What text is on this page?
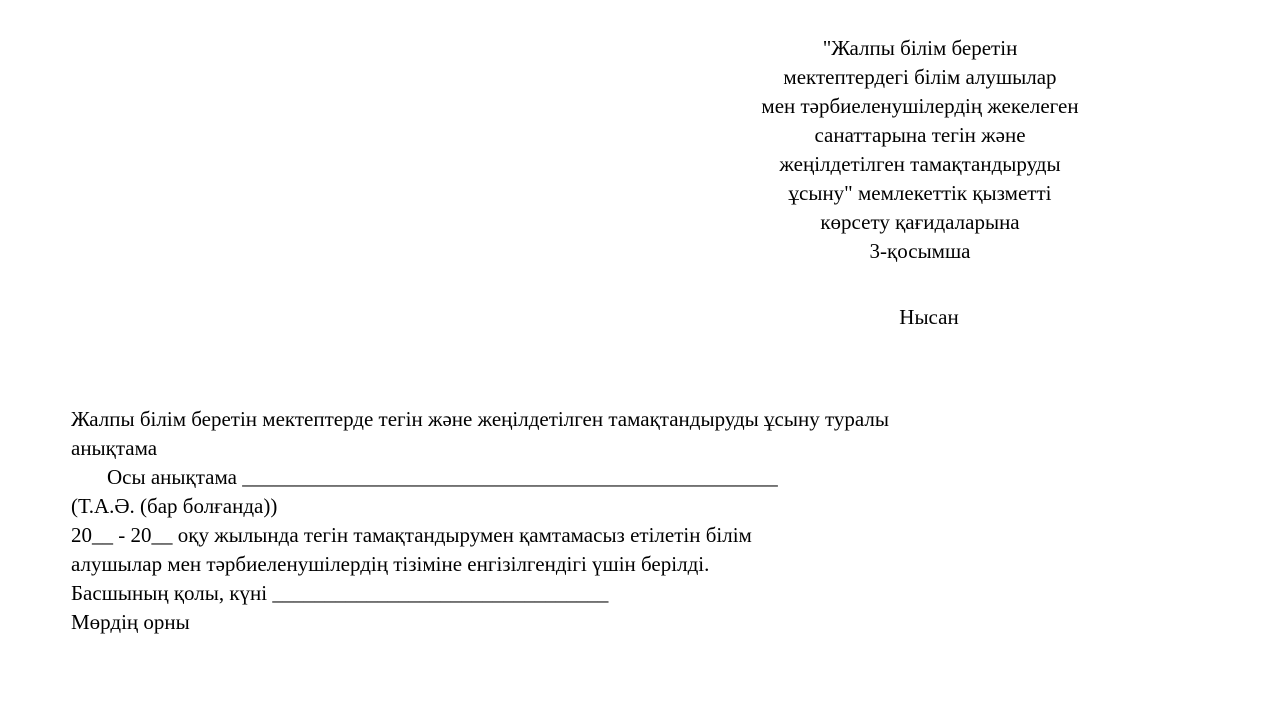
"Жалпы білім беретін
мектептердегі білім алушылар
мен тәрбиеленушілердің жекелеген
санаттарына тегін және
жеңілдетілген тамақтандыруды
ұсыну" мемлекеттік қызметті
көрсету қағидаларына
3-қосымша
Нысан
Жалпы білім беретін мектептерде тегін және жеңілдетілген тамақтандыруды ұсыну туралы
анықтама
Осы анықтама ___________________________________________________
(Т.А.Ә. (бар болғанда))
20__ - 20__ оқу жылында тегін тамақтандырумен қамтамасыз етілетін білім
алушылар мен тәрбиеленушілердің тізіміне енгізілгендігі үшін берілді.
Басшының қолы, күні ________________________________
Мөрдің орны
